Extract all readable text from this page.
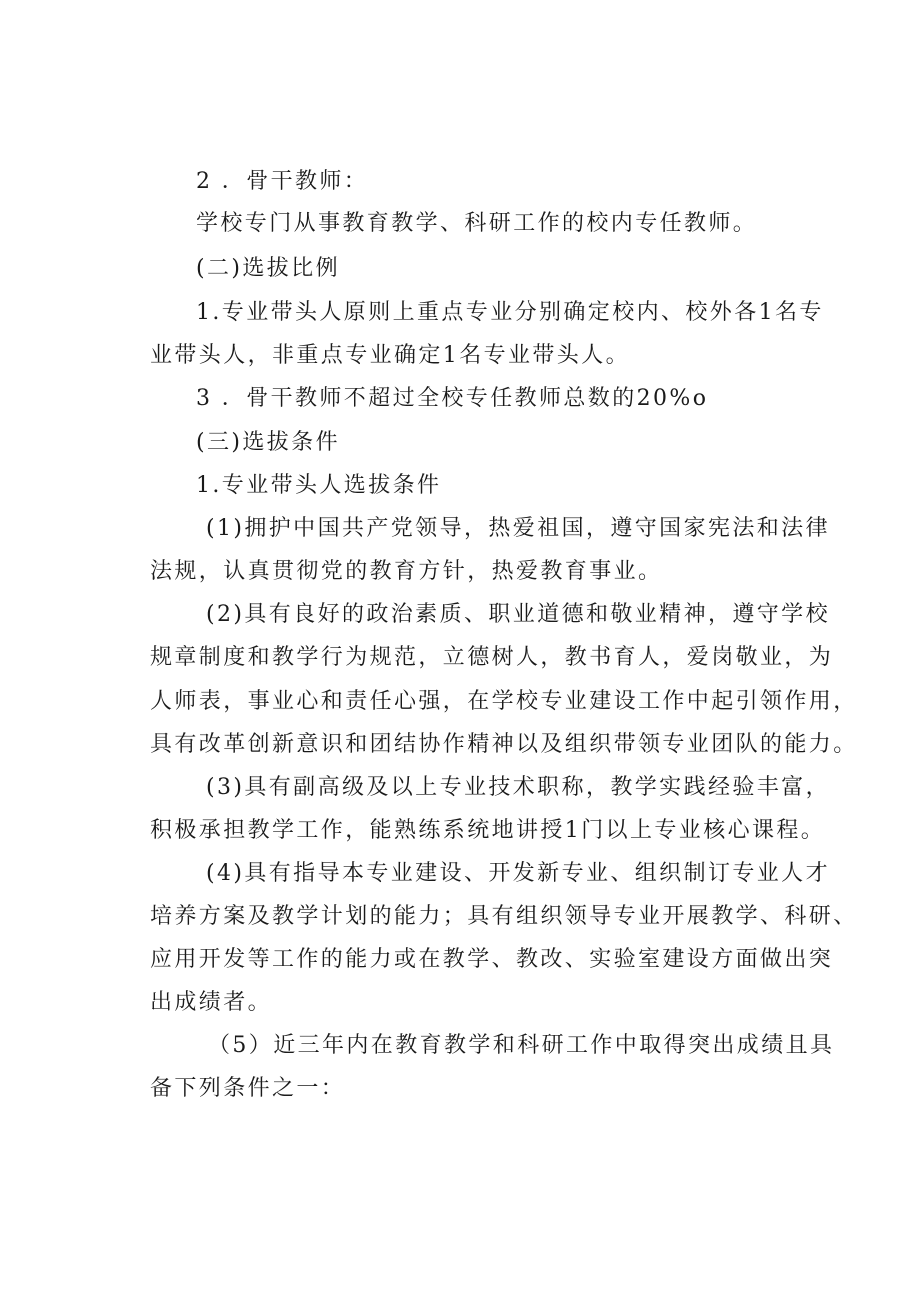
2 ．骨干教师：
学校专门从事教育教学、科研工作的校内专任教师。
(二)选拔比例
1.专业带头人原则上重点专业分别确定校内、校外各1名专
业带头人，非重点专业确定1名专业带头人。
3 ．骨干教师不超过全校专任教师总数的20%o
(三)选拔条件
1.专业带头人选拔条件
(1)拥护中国共产党领导，热爱祖国，遵守国家宪法和法律
法规，认真贯彻党的教育方针，热爱教育事业。
(2)具有良好的政治素质、职业道德和敬业精神，遵守学校
规章制度和教学行为规范，立德树人，教书育人，爱岗敬业，为
人师表，事业心和责任心强，在学校专业建设工作中起引领作用，
具有改革创新意识和团结协作精神以及组织带领专业团队的能力。
(3)具有副高级及以上专业技术职称，教学实践经验丰富，
积极承担教学工作，能熟练系统地讲授1门以上专业核心课程。
(4)具有指导本专业建设、开发新专业、组织制订专业人才
培养方案及教学计划的能力；具有组织领导专业开展教学、科研、
应用开发等工作的能力或在教学、教改、实验室建设方面做出突
出成绩者。
（5）近三年内在教育教学和科研工作中取得突出成绩且具
备下列条件之一：
